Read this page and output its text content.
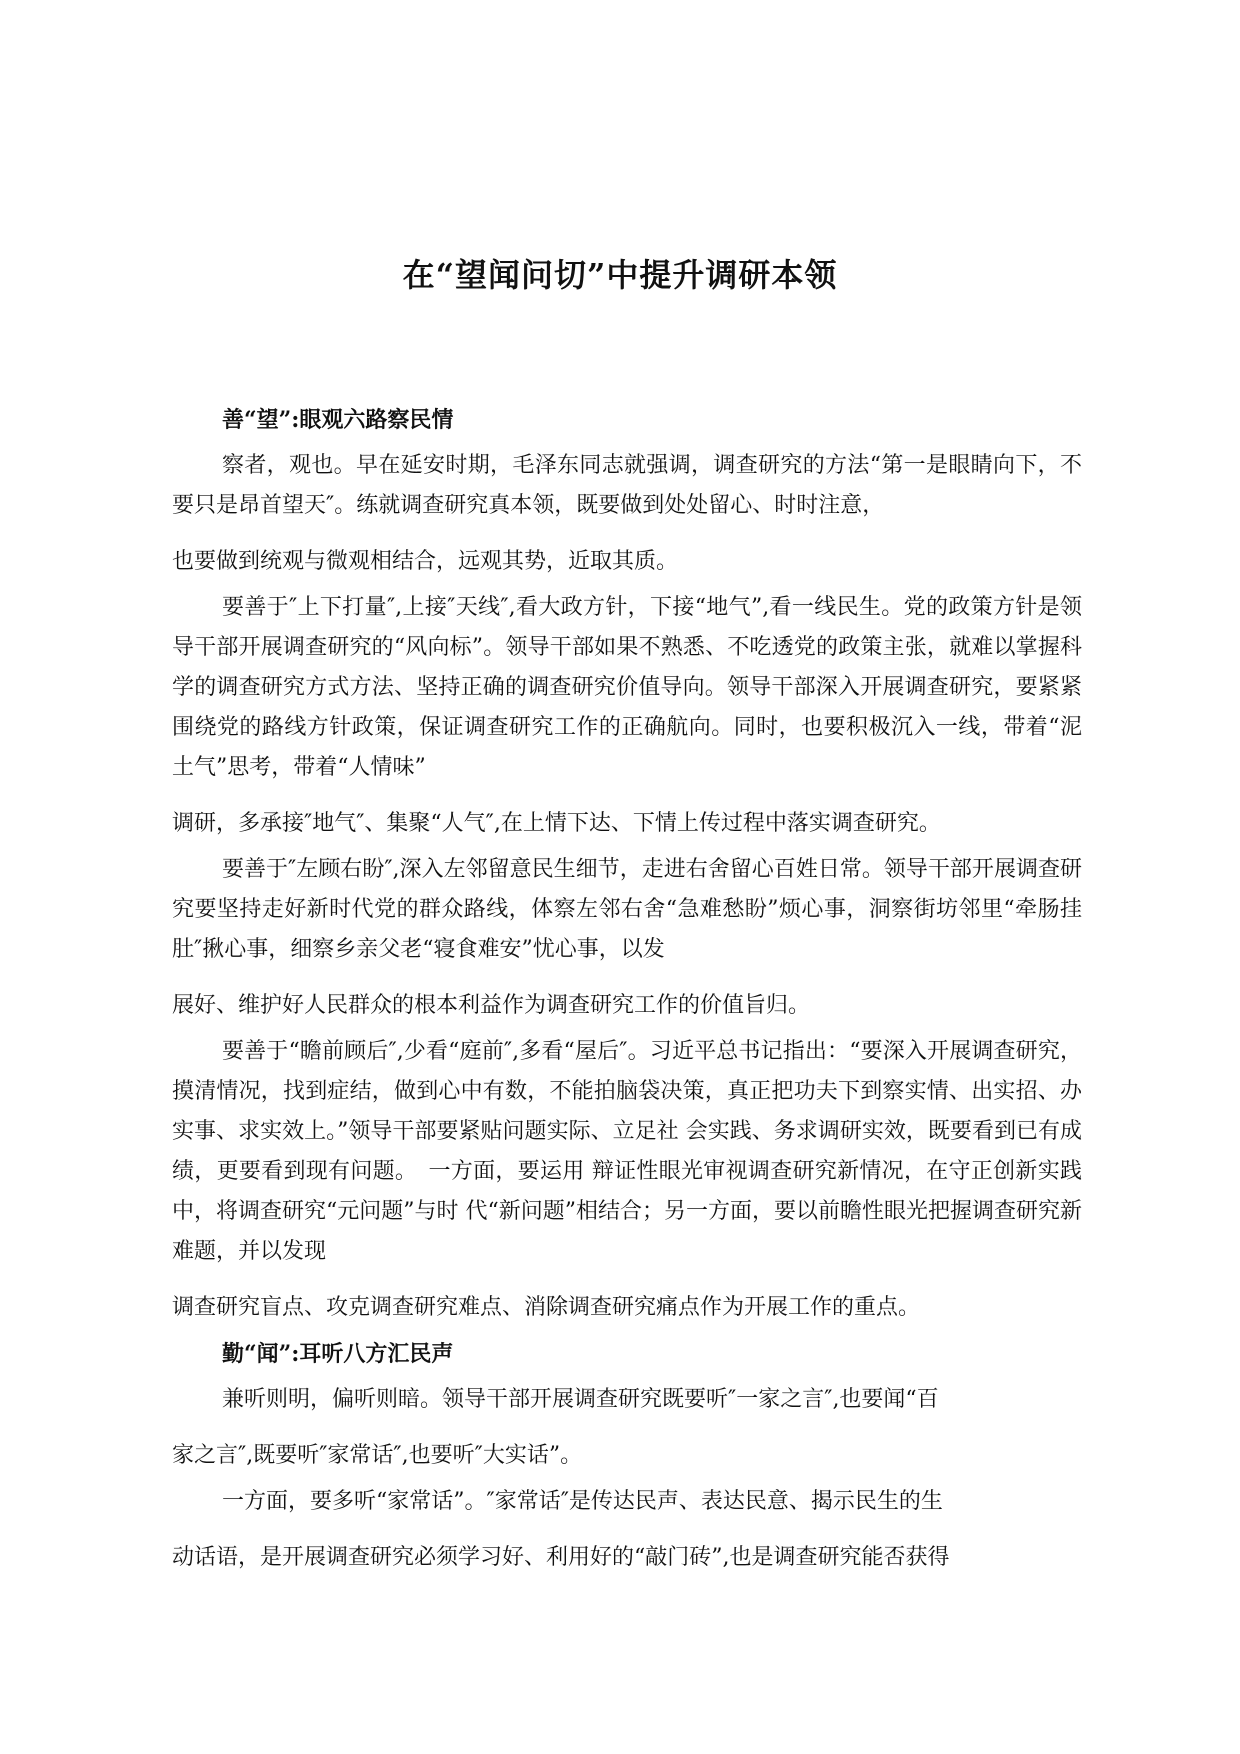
在“望闻问切”中提升调研本领
善“望”:眼观六路察民情
察者，观也。早在延安时期，毛泽东同志就强调，调查研究的方法“第一是眼睛向下，不要只是昂首望天″。练就调查研究真本领，既要做到处处留心、时时注意，
也要做到统观与微观相结合，远观其势，近取其质。
要善于″上下打量″,上接″天线″,看大政方针，下接“地气”,看一线民生。党的政策方针是领导干部开展调查研究的“风向标”。领导干部如果不熟悉、不吃透党的政策主张，就难以掌握科学的调查研究方式方法、坚持正确的调查研究价值导向。领导干部深入开展调查研究，要紧紧围绕党的路线方针政策，保证调查研究工作的正确航向。同时，也要积极沉入一线，带着“泥土气”思考，带着“人情味”
调研，多承接″地气″、集聚“人气″,在上情下达、下情上传过程中落实调查研究。
要善于″左顾右盼″,深入左邻留意民生细节，走进右舍留心百姓日常。领导干部开展调查研究要坚持走好新时代党的群众路线，体察左邻右舍“急难愁盼”烦心事，洞察街坊邻里“牵肠挂肚″揪心事，细察乡亲父老“寝食难安”忧心事，以发
展好、维护好人民群众的根本利益作为调查研究工作的价值旨归。
要善于“瞻前顾后″,少看“庭前″,多看“屋后″。习近平总书记指出：“要深入开展调查研究，摸清情况，找到症结，做到心中有数，不能拍脑袋决策，真正把功夫下到察实情、出实招、办实事、求实效上。”领导干部要紧贴问题实际、立足社 会实践、务求调研实效，既要看到已有成绩，更要看到现有问题。　一方面，要运用 辩证性眼光审视调查研究新情况，在守正创新实践中，将调查研究“元问题”与时 代“新问题”相结合；另一方面，要以前瞻性眼光把握调查研究新难题，并以发现
调查研究盲点、攻克调查研究难点、消除调查研究痛点作为开展工作的重点。
勤“闻”:耳听八方汇民声
兼听则明，偏听则暗。领导干部开展调查研究既要听″一家之言″,也要闻“百
家之言″,既要听″家常话″,也要听″大实话”。
一方面，要多听“家常话”。″家常话″是传达民声、表达民意、揭示民生的生
动话语，是开展调查研究必须学习好、利用好的“敲门砖”,也是调查研究能否获得
